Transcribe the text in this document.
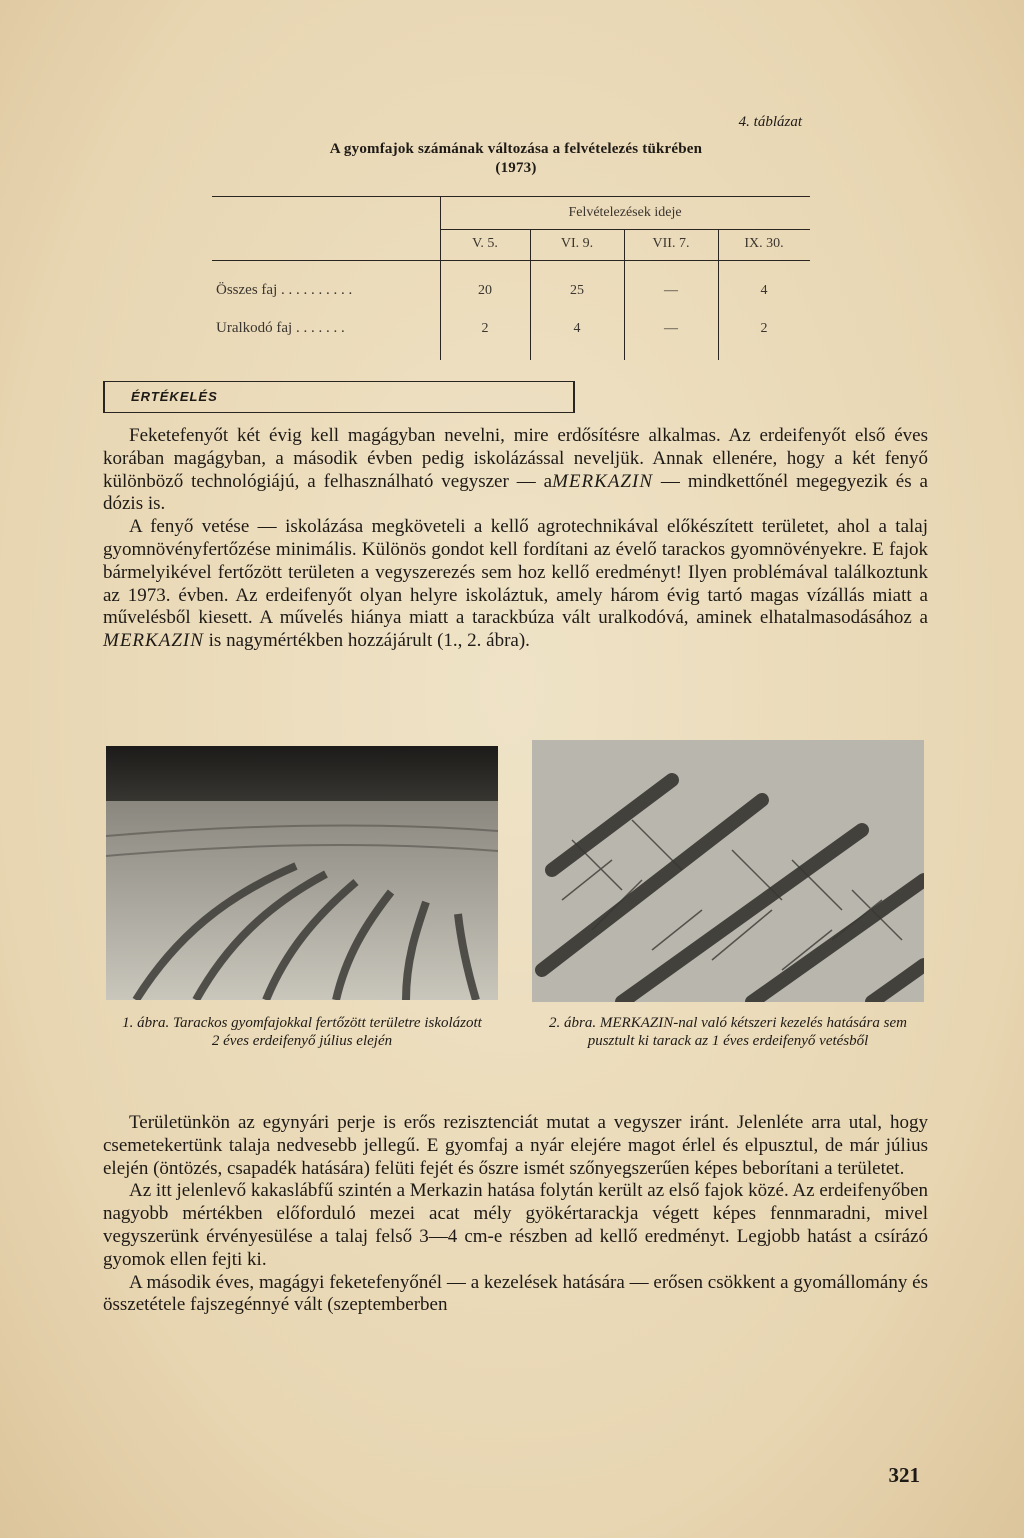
4. táblázat
A gyomfajok számának változása a felvételezés tükrében
(1973)
Felvételezések ideje
V. 5.	VI. 9.	VII. 7.	IX. 30.
Összes faj . . . . . . . . . .	20	25	—	4
Uralkodó faj . . . . . . .	2	4	—	2
ÉRTÉKELÉS

Feketefenyőt két évig kell magágyban nevelni, mire erdősítésre alkalmas. Az erdeifenyőt első éves korában magágyban, a második évben pedig iskolázással neveljük. Annak ellenére, hogy a két fenyő különböző technológiájú, a felhasználható vegyszer — aMERKAZIN — mindkettőnél megegyezik és a dózis is.

A fenyő vetése — iskolázása megköveteli a kellő agrotechnikával előkészített területet, ahol a talaj gyomnövényfertőzése minimális. Különös gondot kell fordítani az évelő tarackos gyomnövényekre. E fajok bármelyikével fertőzött területen a vegyszerezés sem hoz kellő eredményt! Ilyen problémával találkoztunk az 1973. évben. Az erdeifenyőt olyan helyre iskoláztuk, amely három évig tartó magas vízállás miatt a művelésből kiesett. A művelés hiánya miatt a tarackbúza vált uralkodóvá, aminek elhatalmasodásához a MERKAZIN is nagymértékben hozzájárult (1., 2. ábra).

1. ábra. Tarackos gyomfajokkal fertőzött területre iskolázott 2 éves erdeifenyő július elején
2. ábra. MERKAZIN-nal való kétszeri kezelés hatására sem pusztult ki tarack az 1 éves erdeifenyő vetésből

Területünkön az egynyári perje is erős rezisztenciát mutat a vegyszer iránt. Jelenléte arra utal, hogy csemetekertünk talaja nedvesebb jellegű. E gyomfaj a nyár elejére magot érlel és elpusztul, de már július elején (öntözés, csapadék hatására) felüti fejét és őszre ismét szőnyegszerűen képes beborítani a területet.

Az itt jelenlevő kakaslábfű szintén a Merkazin hatása folytán került az első fajok közé. Az erdeifenyőben nagyobb mértékben előforduló mezei acat mély gyökértarackja végett képes fennmaradni, mivel vegyszerünk érvényesülése a talaj felső 3—4 cm-e részben ad kellő eredményt. Legjobb hatást a csírázó gyomok ellen fejti ki.

A második éves, magágyi feketefenyőnél — a kezelések hatására — erősen csökkent a gyomállomány és összetétele fajszegénnyé vált (szeptemberben

321
